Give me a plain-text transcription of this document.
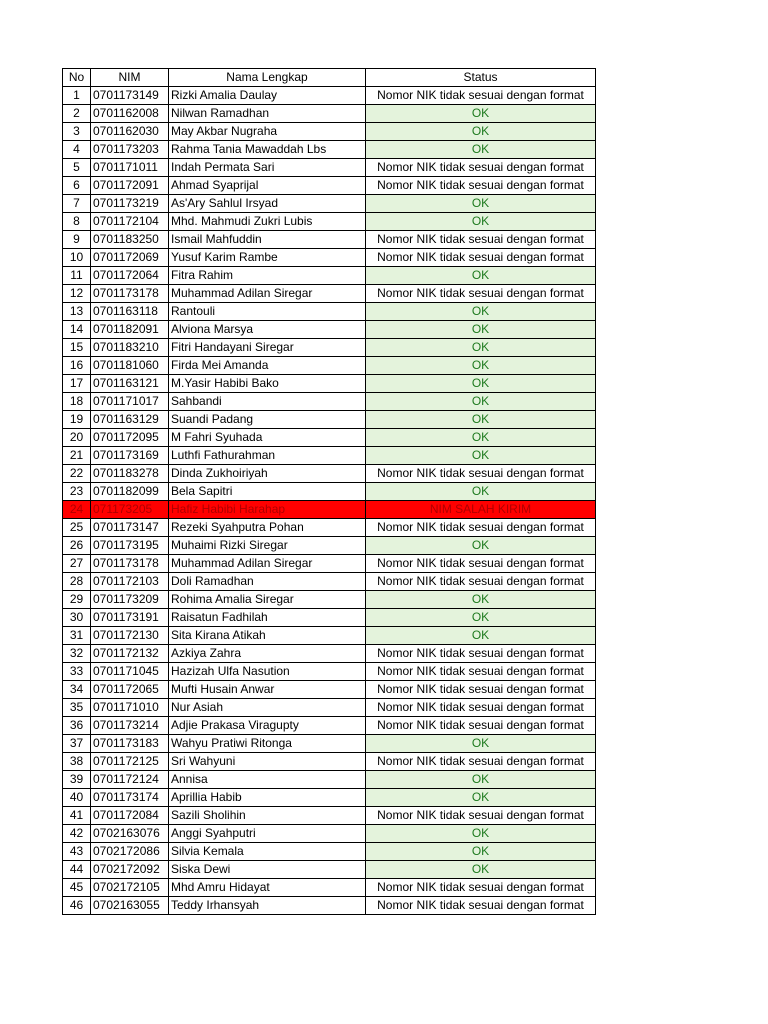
No	NIM	Nama Lengkap	Status
1	0701173149	Rizki Amalia Daulay	Nomor NIK tidak sesuai dengan format
2	0701162008	Nilwan Ramadhan	OK
3	0701162030	May Akbar Nugraha	OK
4	0701173203	Rahma Tania Mawaddah Lbs	OK
5	0701171011	Indah Permata Sari	Nomor NIK tidak sesuai dengan format
6	0701172091	Ahmad Syaprijal	Nomor NIK tidak sesuai dengan format
7	0701173219	As'Ary Sahlul Irsyad	OK
8	0701172104	Mhd. Mahmudi Zukri Lubis	OK
9	0701183250	Ismail Mahfuddin	Nomor NIK tidak sesuai dengan format
10	0701172069	Yusuf Karim Rambe	Nomor NIK tidak sesuai dengan format
11	0701172064	Fitra Rahim	OK
12	0701173178	Muhammad Adilan Siregar	Nomor NIK tidak sesuai dengan format
13	0701163118	Rantouli	OK
14	0701182091	Alviona Marsya	OK
15	0701183210	Fitri Handayani Siregar	OK
16	0701181060	Firda Mei Amanda	OK
17	0701163121	M.Yasir Habibi Bako	OK
18	0701171017	Sahbandi	OK
19	0701163129	Suandi Padang	OK
20	0701172095	M Fahri Syuhada	OK
21	0701173169	Luthfi Fathurahman	OK
22	0701183278	Dinda Zukhoiriyah	Nomor NIK tidak sesuai dengan format
23	0701182099	Bela Sapitri	OK
24	071173205	Hafiz Habibi Harahap	NIM SALAH KIRIM
25	0701173147	Rezeki Syahputra Pohan	Nomor NIK tidak sesuai dengan format
26	0701173195	Muhaimi Rizki Siregar	OK
27	0701173178	Muhammad Adilan Siregar	Nomor NIK tidak sesuai dengan format
28	0701172103	Doli Ramadhan	Nomor NIK tidak sesuai dengan format
29	0701173209	Rohima Amalia Siregar	OK
30	0701173191	Raisatun Fadhilah	OK
31	0701172130	Sita Kirana Atikah	OK
32	0701172132	Azkiya Zahra	Nomor NIK tidak sesuai dengan format
33	0701171045	Hazizah Ulfa Nasution	Nomor NIK tidak sesuai dengan format
34	0701172065	Mufti Husain Anwar	Nomor NIK tidak sesuai dengan format
35	0701171010	Nur Asiah	Nomor NIK tidak sesuai dengan format
36	0701173214	Adjie Prakasa Viragupty	Nomor NIK tidak sesuai dengan format
37	0701173183	Wahyu Pratiwi Ritonga	OK
38	0701172125	Sri Wahyuni	Nomor NIK tidak sesuai dengan format
39	0701172124	Annisa	OK
40	0701173174	Aprillia Habib	OK
41	0701172084	Sazili Sholihin	Nomor NIK tidak sesuai dengan format
42	0702163076	Anggi Syahputri	OK
43	0702172086	Silvia Kemala	OK
44	0702172092	Siska Dewi	OK
45	0702172105	Mhd Amru Hidayat	Nomor NIK tidak sesuai dengan format
46	0702163055	Teddy Irhansyah	Nomor NIK tidak sesuai dengan format
